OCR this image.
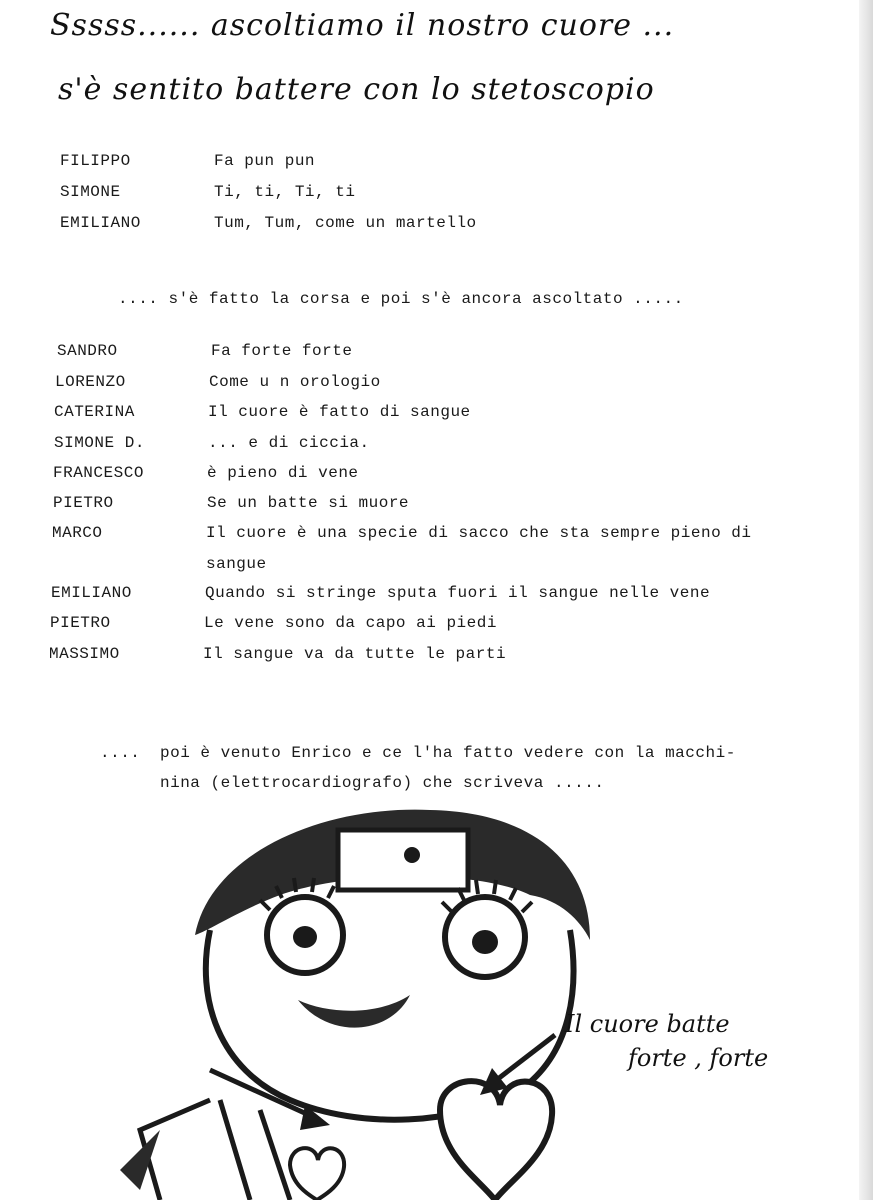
Sssss...... ascoltiamo il nostro cuore ...
s'è sentito battere con lo stetoscopio
FILIPPO	Fa pun pun
SIMONE	Ti, ti, Ti, ti
EMILIANO	Tum, Tum, come un martello
.... s'è fatto la corsa e poi s'è ancora ascoltato .....
SANDRO	Fa forte forte
LORENZO	Come u n orologio
CATERINA	Il cuore è fatto di sangue
SIMONE D.	... e di ciccia.
FRANCESCO	è pieno di vene
PIETRO	Se un batte si muore
MARCO	Il cuore è una specie di sacco che sta sempre pieno di
sangue
EMILIANO	Quando si stringe sputa fuori il sangue nelle vene
PIETRO	Le vene sono da capo ai piedi
MASSIMO	Il sangue va da tutte le parti
.... poi è venuto Enrico e ce l'ha fatto vedere con la macchi-
nina (elettrocardiografo) che scriveva .....
Il cuore batte
forte , forte
